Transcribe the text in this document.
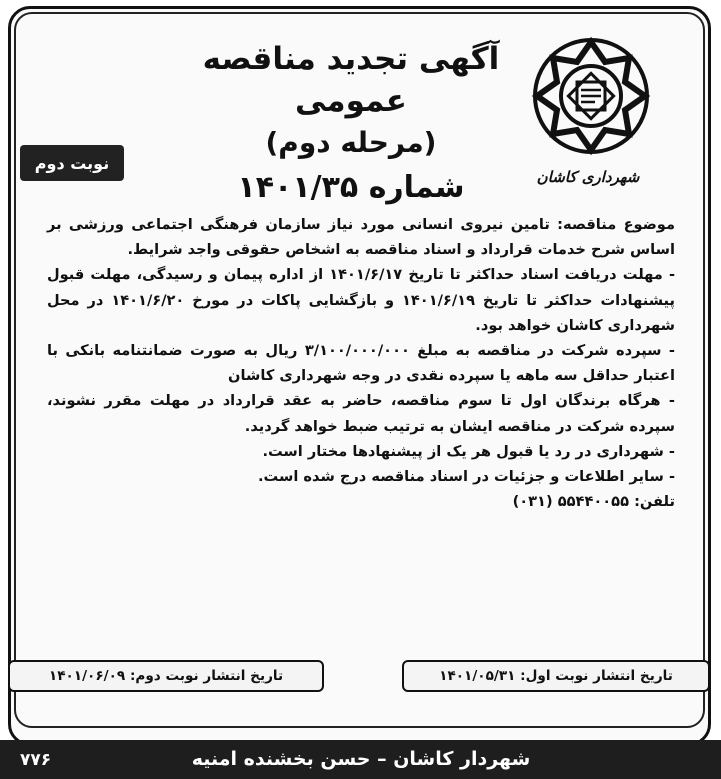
آگهی تجدید مناقصه عمومی
(مرحله دوم)
شماره ۱۴۰۱/۳۵
نوبت دوم
شهرداری کاشان

موضوع مناقصه: تامین نیروی انسانی مورد نیاز سازمان فرهنگی اجتماعی ورزشی بر اساس شرح خدمات قرارداد و اسناد مناقصه به اشخاص حقوقی واجد شرایط.

- مهلت دریافت اسناد حداکثر تا تاریخ ۱۴۰۱/۶/۱۷ از اداره پیمان و رسیدگی، مهلت قبول پیشنهادات حداکثر تا تاریخ ۱۴۰۱/۶/۱۹ و بازگشایی پاکات در مورخ ۱۴۰۱/۶/۲۰ در محل شهرداری کاشان خواهد بود.

- سپرده شرکت در مناقصه به مبلغ ۳/۱۰۰/۰۰۰/۰۰۰ ریال به صورت ضمانتنامه بانکی با اعتبار حداقل سه ماهه یا سپرده نقدی در وجه شهرداری کاشان

- هرگاه برندگان اول تا سوم مناقصه، حاضر به عقد قرارداد در مهلت مقرر نشوند، سپرده شرکت در مناقصه ایشان به ترتیب ضبط خواهد گردید.

- شهرداری در رد یا قبول هر یک از پیشنهادها مختار است.

- سایر اطلاعات و جزئیات در اسناد مناقصه درج شده است.

تلفن: ۵۵۴۴۰۰۵۵ (۰۳۱)

تاریخ انتشار نوبت اول: ۱۴۰۱/۰۵/۳۱
تاریخ انتشار نوبت دوم: ۱۴۰۱/۰۶/۰۹
شهردار کاشان – حسن بخشنده امنیه
۷۷۶
